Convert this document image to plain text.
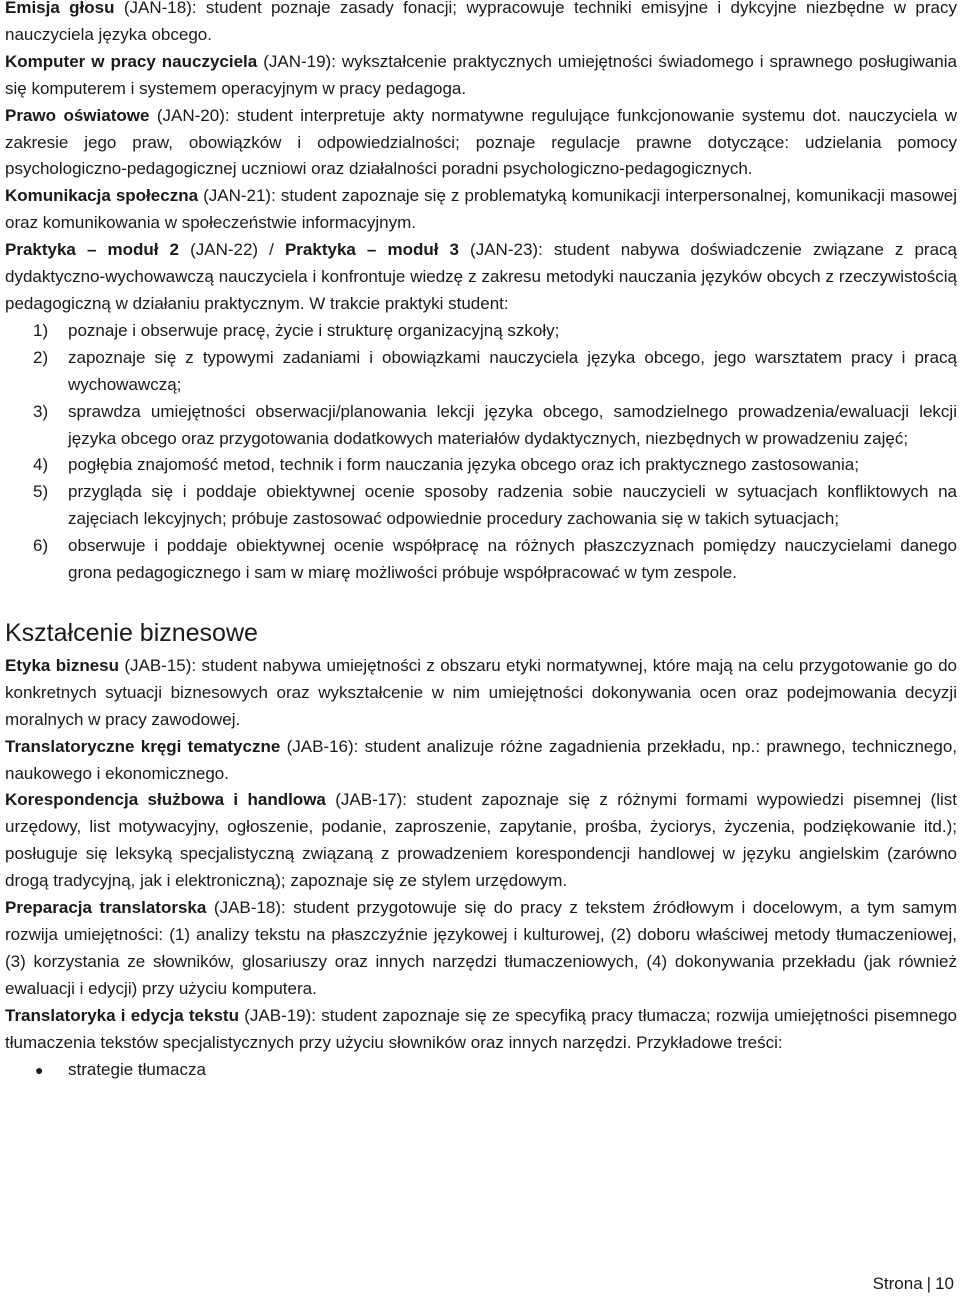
Emisja głosu (JAN-18): student poznaje zasady fonacji; wypracowuje techniki emisyjne i dykcyjne niezbędne w pracy nauczyciela języka obcego.

Komputer w pracy nauczyciela (JAN-19): wykształcenie praktycznych umiejętności świadomego i sprawnego posługiwania się komputerem i systemem operacyjnym w pracy pedagoga.

Prawo oświatowe (JAN-20): student interpretuje akty normatywne regulujące funkcjonowanie systemu dot. nauczyciela w zakresie jego praw, obowiązków i odpowiedzialności; poznaje regulacje prawne dotyczące: udzielania pomocy psychologiczno-pedagogicznej uczniowi oraz działalności poradni psychologiczno-pedagogicznych.

Komunikacja społeczna (JAN-21): student zapoznaje się z problematyką komunikacji interpersonalnej, komunikacji masowej oraz komunikowania w społeczeństwie informacyjnym.

Praktyka – moduł 2 (JAN-22) / Praktyka – moduł 3 (JAN-23): student nabywa doświadczenie związane z pracą dydaktyczno-wychowawczą nauczyciela i konfrontuje wiedzę z zakresu metodyki nauczania języków obcych z rzeczywistością pedagogiczną w działaniu praktycznym. W trakcie praktyki student:

1) poznaje i obserwuje pracę, życie i strukturę organizacyjną szkoły;
2) zapoznaje się z typowymi zadaniami i obowiązkami nauczyciela języka obcego, jego warsztatem pracy i pracą wychowawczą;
3) sprawdza umiejętności obserwacji/planowania lekcji języka obcego, samodzielnego prowadzenia/ewaluacji lekcji języka obcego oraz przygotowania dodatkowych materiałów dydaktycznych, niezbędnych w prowadzeniu zajęć;
4) pogłębia znajomość metod, technik i form nauczania języka obcego oraz ich praktycznego zastosowania;
5) przygląda się i poddaje obiektywnej ocenie sposoby radzenia sobie nauczycieli w sytuacjach konfliktowych na zajęciach lekcyjnych; próbuje zastosować odpowiednie procedury zachowania się w takich sytuacjach;
6) obserwuje i poddaje obiektywnej ocenie współpracę na różnych płaszczyznach pomiędzy nauczycielami danego grona pedagogicznego i sam w miarę możliwości próbuje współpracować w tym zespole.
Kształcenie biznesowe

Etyka biznesu (JAB-15): student nabywa umiejętności z obszaru etyki normatywnej, które mają na celu przygotowanie go do konkretnych sytuacji biznesowych oraz wykształcenie w nim umiejętności dokonywania ocen oraz podejmowania decyzji moralnych w pracy zawodowej.

Translatoryczne kręgi tematyczne (JAB-16): student analizuje różne zagadnienia przekładu, np.: prawnego, technicznego, naukowego i ekonomicznego.

Korespondencja służbowa i handlowa (JAB-17): student zapoznaje się z różnymi formami wypowiedzi pisemnej (list urzędowy, list motywacyjny, ogłoszenie, podanie, zaproszenie, zapytanie, prośba, życiorys, życzenia, podziękowanie itd.); posługuje się leksyką specjalistyczną związaną z prowadzeniem korespondencji handlowej w języku angielskim (zarówno drogą tradycyjną, jak i elektroniczną); zapoznaje się ze stylem urzędowym.

Preparacja translatorska (JAB-18): student przygotowuje się do pracy z tekstem źródłowym i docelowym, a tym samym rozwija umiejętności: (1) analizy tekstu na płaszczyźnie językowej i kulturowej, (2) doboru właściwej metody tłumaczeniowej, (3) korzystania ze słowników, glosariuszy oraz innych narzędzi tłumaczeniowych, (4) dokonywania przekładu (jak również ewaluacji i edycji) przy użyciu komputera.

Translatoryka i edycja tekstu (JAB-19): student zapoznaje się ze specyfiką pracy tłumacza; rozwija umiejętności pisemnego tłumaczenia tekstów specjalistycznych przy użyciu słowników oraz innych narzędzi. Przykładowe treści:

● strategie tłumacza
Strona | 10
